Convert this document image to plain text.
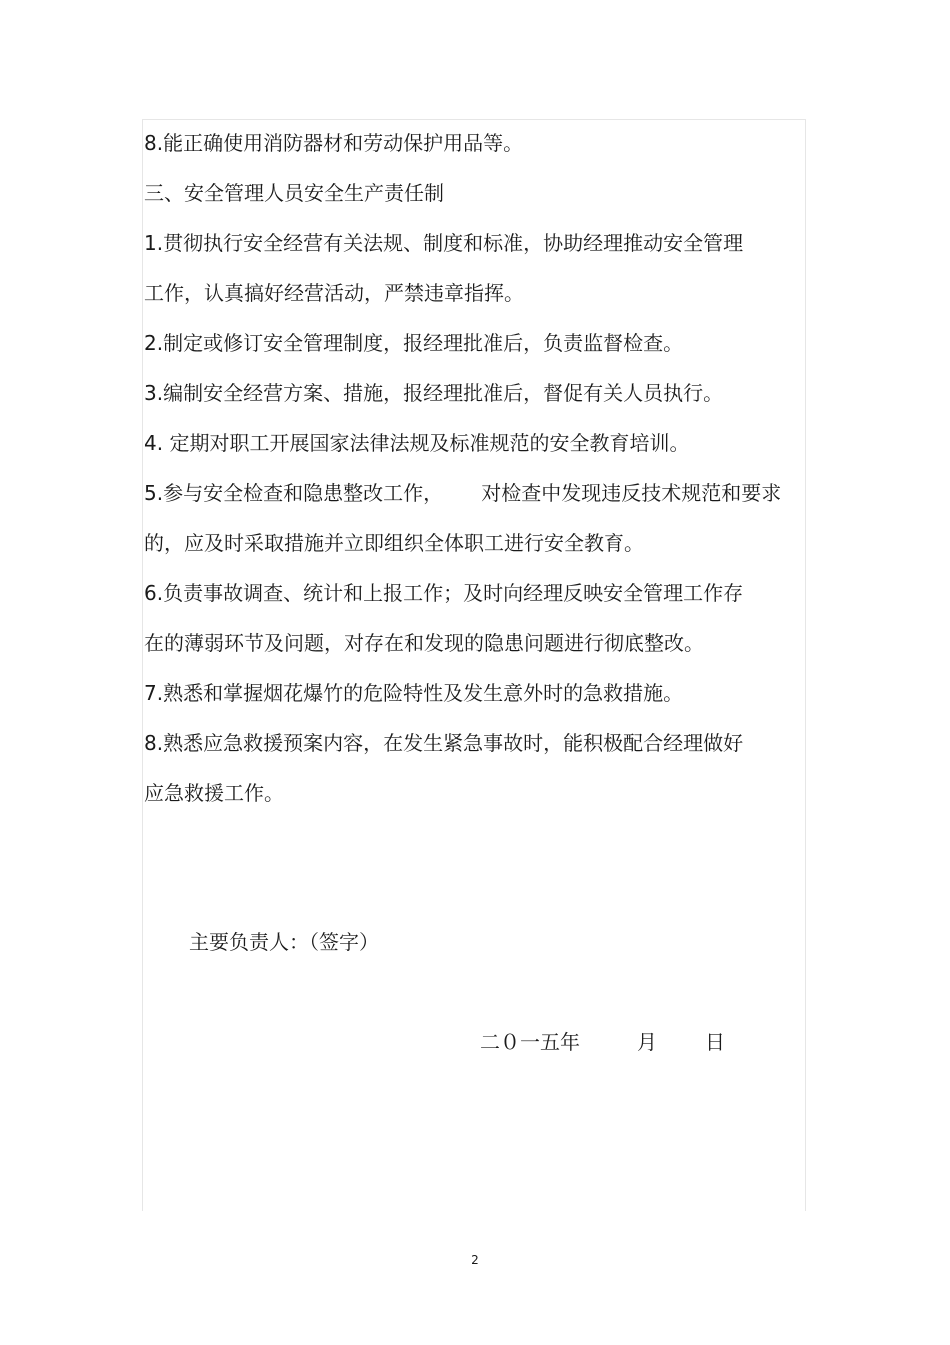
8.能正确使用消防器材和劳动保护用品等。
三、安全管理人员安全生产责任制
1.贯彻执行安全经营有关法规、制度和标准，协助经理推动安全管理
工作，认真搞好经营活动，严禁违章指挥。
2.制定或修订安全管理制度，报经理批准后，负责监督检查。
3.编制安全经营方案、措施，报经理批准后，督促有关人员执行。
4. 定期对职工开展国家法律法规及标准规范的安全教育培训。
5.参与安全检查和隐患整改工作，      对检查中发现违反技术规范和要求
的，应及时采取措施并立即组织全体职工进行安全教育。
6.负责事故调查、统计和上报工作；及时向经理反映安全管理工作存
在的薄弱环节及问题，对存在和发现的隐患问题进行彻底整改。
7.熟悉和掌握烟花爆竹的危险特性及发生意外时的急救措施。
8.熟悉应急救援预案内容，在发生紧急事故时，能积极配合经理做好
应急救援工作。
主要负责人：（签字）
二０一五年	月 日
2
